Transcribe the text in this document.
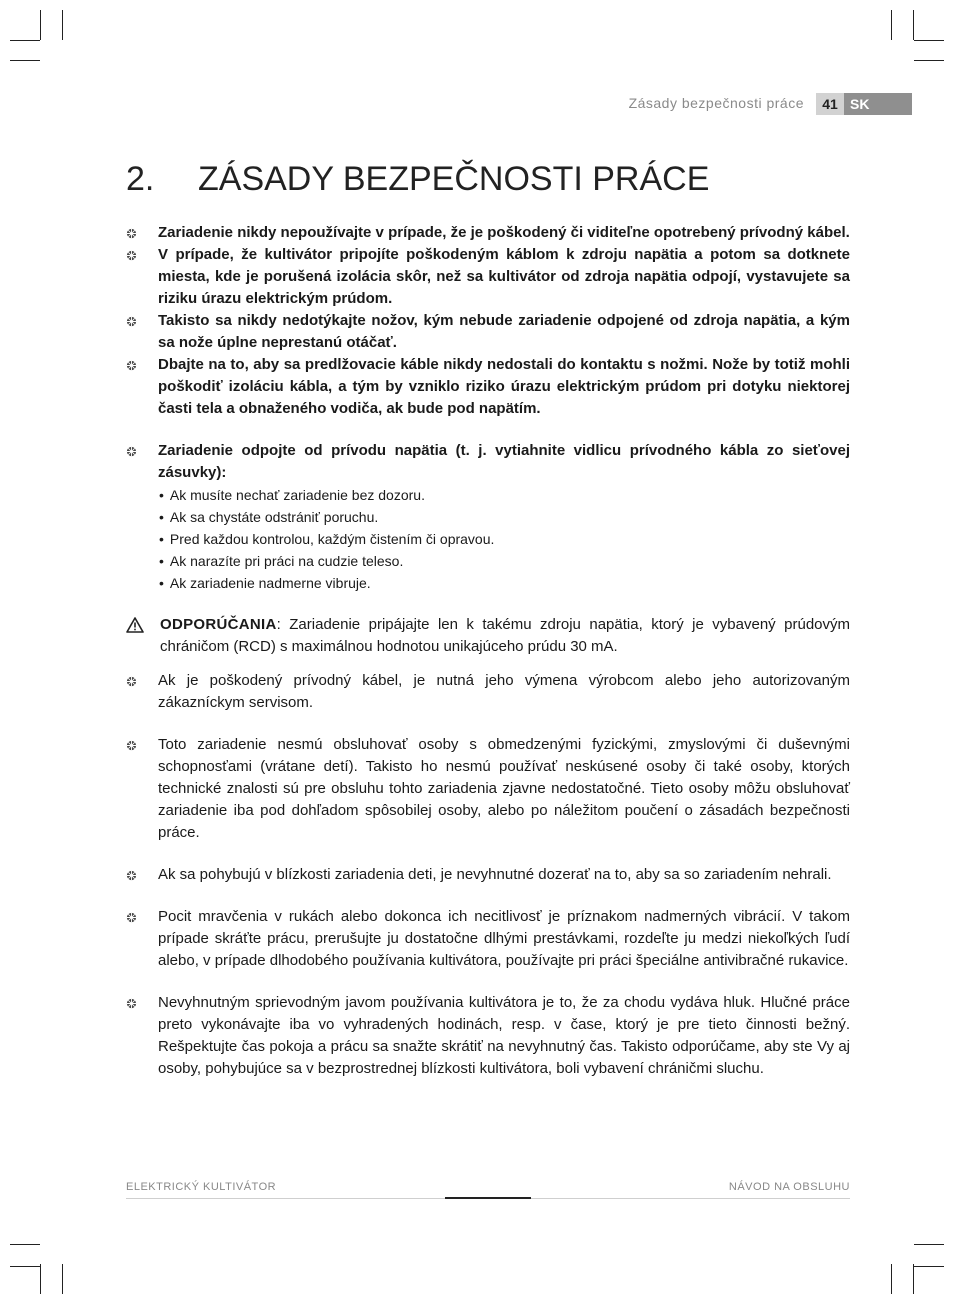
Zásady bezpečnosti práce	41 SK
2. ZÁSADY BEZPEČNOSTI PRÁCE
Zariadenie nikdy nepoužívajte v prípade, že je poškodený či viditeľne opotrebený prívodný kábel.
V prípade, že kultivátor pripojíte poškodeným káblom k zdroju napätia a potom sa dotknete miesta, kde je porušená izolácia skôr, než sa kultivátor od zdroja napätia odpojí, vystavujete sa riziku úrazu elektrickým prúdom.
Takisto sa nikdy nedotýkajte nožov, kým nebude zariadenie odpojené od zdroja napätia, a kým sa nože úplne neprestanú otáčať.
Dbajte na to, aby sa predlžovacie káble nikdy nedostali do kontaktu s nožmi. Nože by totiž mohli poškodiť izoláciu kábla, a tým by vzniklo riziko úrazu elektrickým prúdom pri dotyku niektorej časti tela a obnaženého vodiča, ak bude pod napätím.
Zariadenie odpojte od prívodu napätia (t. j. vytiahnite vidlicu prívodného kábla zo sieťovej zásuvky):
• Ak musíte nechať zariadenie bez dozoru.
• Ak sa chystáte odstrániť poruchu.
• Pred každou kontrolou, každým čistením či opravou.
• Ak narazíte pri práci na cudzie teleso.
• Ak zariadenie nadmerne vibruje.
ODPORÚČANIA: Zariadenie pripájajte len k takému zdroju napätia, ktorý je vybavený prúdovým chráničom (RCD) s maximálnou hodnotou unikajúceho prúdu 30 mA.
Ak je poškodený prívodný kábel, je nutná jeho výmena výrobcom alebo jeho autorizovaným zákazníckym servisom.
Toto zariadenie nesmú obsluhovať osoby s obmedzenými fyzickými, zmyslovými či duševnými schopnosťami (vrátane detí). Takisto ho nesmú používať neskúsené osoby či také osoby, ktorých technické znalosti sú pre obsluhu tohto zariadenia zjavne nedostatočné. Tieto osoby môžu obsluhovať zariadenie iba pod dohľadom spôsobilej osoby, alebo po náležitom poučení o zásadách bezpečnosti práce.
Ak sa pohybujú v blízkosti zariadenia deti, je nevyhnutné dozerať na to, aby sa so zariadením nehrali.
Pocit mravčenia v rukách alebo dokonca ich necitlivosť je príznakom nadmerných vibrácií. V takom prípade skráťte prácu, prerušujte ju dostatočne dlhými prestávkami, rozdeľte ju medzi niekoľkých ľudí alebo, v prípade dlhodobého používania kultivátora, používajte pri práci špeciálne antivibračné rukavice.
Nevyhnutným sprievodným javom používania kultivátora je to, že za chodu vydáva hluk. Hlučné práce preto vykonávajte iba vo vyhradených hodinách, resp. v čase, ktorý je pre tieto činnosti bežný. Rešpektujte čas pokoja a prácu sa snažte skrátiť na nevyhnutný čas. Takisto odporúčame, aby ste Vy aj osoby, pohybujúce sa v bezprostrednej blízkosti kultivátora, boli vybavení chráničmi sluchu.
ELEKTRICKÝ KULTIVÁTOR	NÁVOD NA OBSLUHU
